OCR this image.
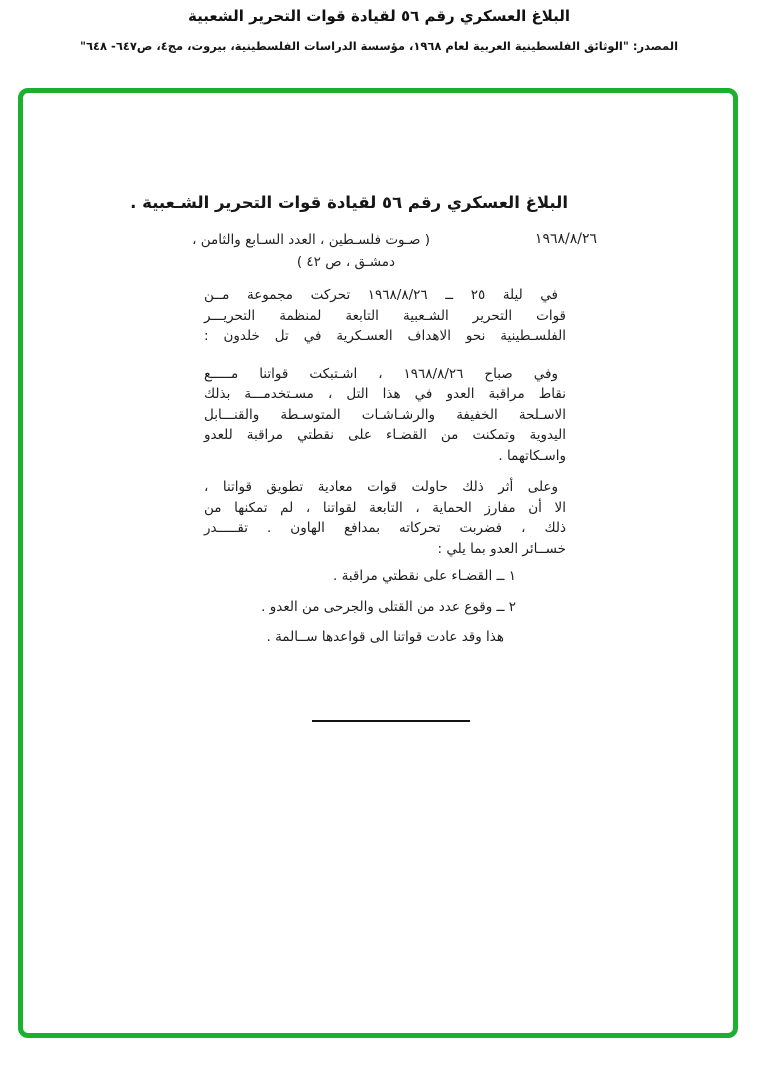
البلاغ العسكري رقم ٥٦ لقيادة قوات التحرير الشعبية
المصدر: "الوثائق الفلسطينية العربية لعام ١٩٦٨، مؤسسة الدراسات الفلسطينية، بيروت، مج٤، ص٦٤٧- ٦٤٨"
البلاغ العسكري رقم ٥٦ لقيادة قوات التحرير الشـعبية .
١٩٦٨/٨/٢٦
( صـوت فلسـطين ، العدد السـابع والثامن ،
دمشـق ، ص ٤٢ )
في ليلة ٢٥ ــ ١٩٦٨/٨/٢٦ تحركت مجموعة مــن
قوات التحرير الشـعبية التابعة لمنظمة التحريـــر
الفلسـطينية نحو الاهداف العسـكرية في تل خلدون :
وفي صباح ١٩٦٨/٨/٢٦ ، اشـتبكت قواتنا مـــــع
نقاط مراقبة العدو في هذا التل ، مسـتخدمـــة بذلك
الاسـلحة الخفيفة والرشـاشـات المتوسـطة والقنـــابل
اليدوية وتمكنت من القضـاء على نقطتي مراقبة للعدو
واسـكاتهما .
وعلى أثر ذلك حاولت قوات معادية تطويق قواتنا ،
الا أن مفارز الحماية ، التابعة لقواتنا ، لم تمكنها من
ذلك ، فضربت تحركاته بمدافع الهاون . تقـــــدر
خســائر العدو بما يلي :
١ ــ القضـاء على نقطتي مراقبة .
٢ ــ وقوع عدد من القتلى والجرحى من العدو .
هذا وقد عادت قواتنا الى قواعدها ســالمة .
